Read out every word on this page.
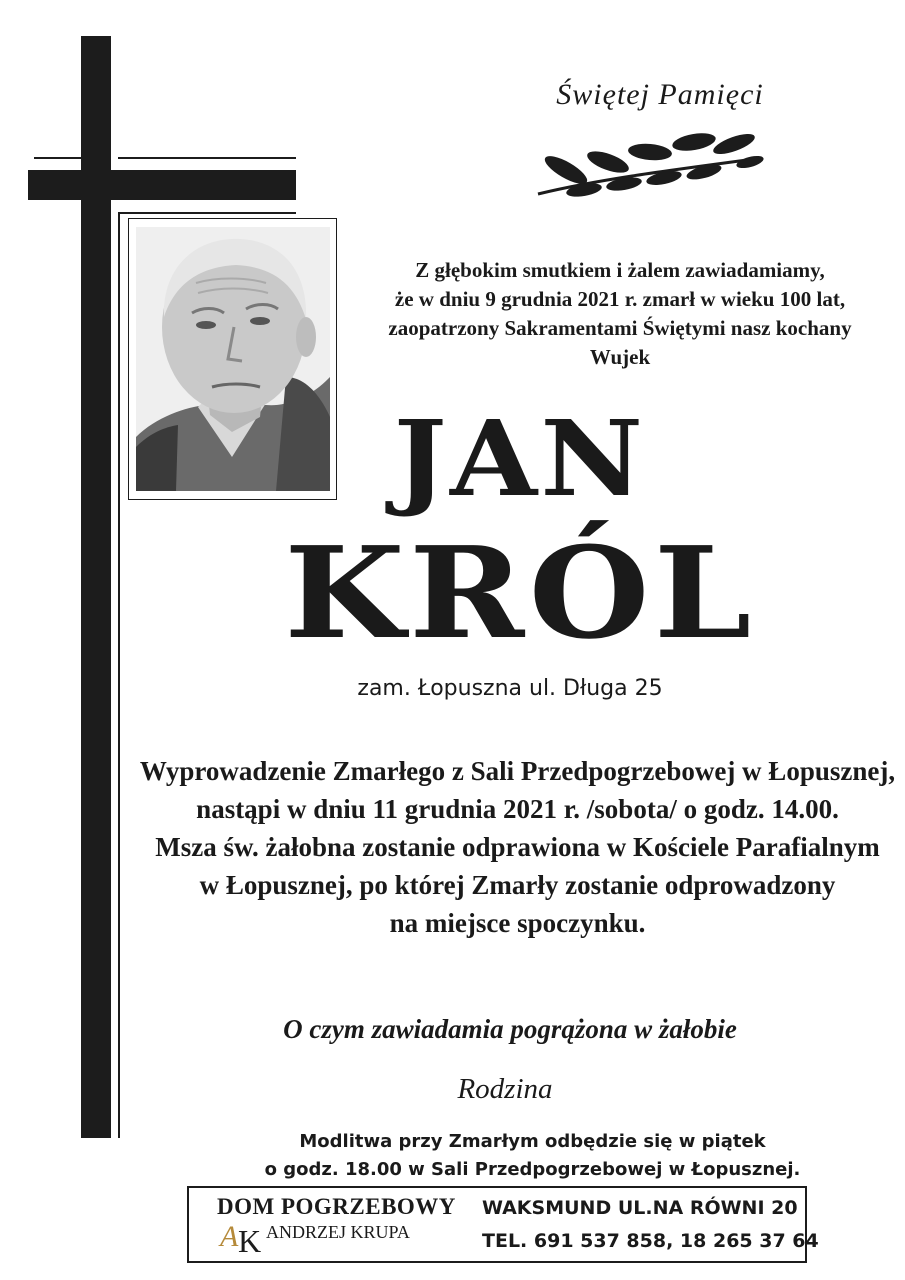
Świętej Pamięci
Z głębokim smutkiem i żalem zawiadamiamy,
że w dniu 9 grudnia 2021 r. zmarł w wieku 100 lat,
zaopatrzony Sakramentami Świętymi nasz kochany
Wujek
JAN
KRÓL
zam. Łopuszna ul. Długa 25
Wyprowadzenie Zmarłego z Sali Przedpogrzebowej w Łopusznej,
nastąpi w dniu 11 grudnia 2021 r. /sobota/ o godz. 14.00.
Msza św. żałobna zostanie odprawiona w Kościele Parafialnym
w Łopusznej, po której Zmarły zostanie odprowadzony
na miejsce spoczynku.
O czym zawiadamia pogrążona w żałobie
Rodzina
Modlitwa przy Zmarłym odbędzie się w piątek
o godz. 18.00 w Sali Przedpogrzebowej w Łopusznej.
DOM POGRZEBOWY
A K ANDRZEJ KRUPA
WAKSMUND UL.NA RÓWNI 20
TEL. 691 537 858, 18 265 37 64
